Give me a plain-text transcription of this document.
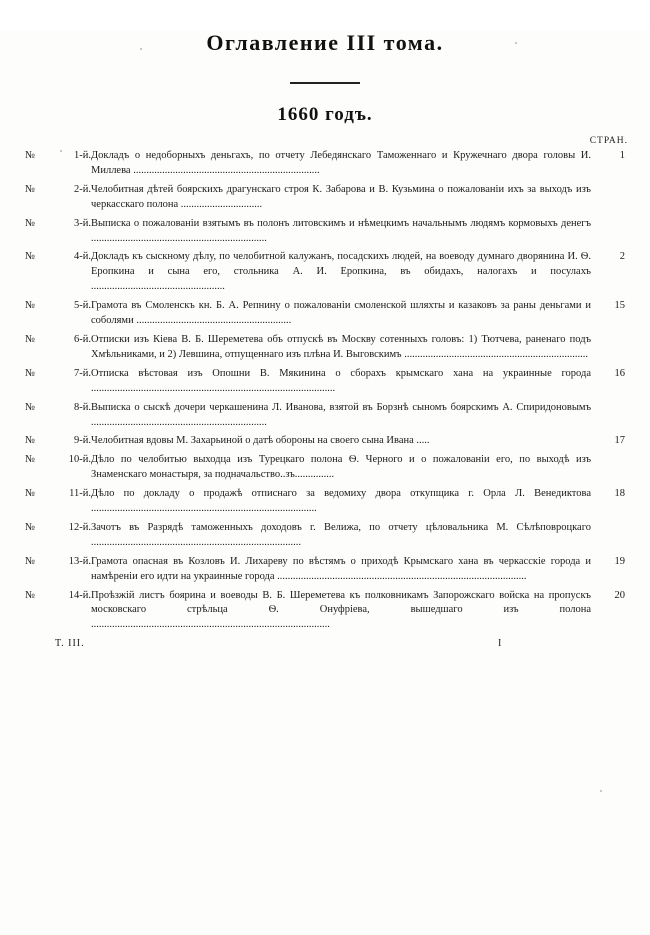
Оглавление III тома.
1660 годъ.
СТРАН.
№	1-й.	Докладъ о недоборныхъ деньгахъ, по отчету Лебедянскаго Таможеннаго и Кружечнаго двора головы И. Миллева .......................................................................	1
№	2-й.	Челобитная дѣтей боярскихъ драгунскаго строя К. Забарова и В. Кузьмина о пожалованіи ихъ за выходъ изъ черкасскаго полона ...............................	
№	3-й.	Выписка о пожалованіи взятымъ въ полонъ литовскимъ и нѣмецкимъ начальнымъ людямъ кормовыхъ денегъ ...................................................................	
№	4-й.	Докладъ къ сыскному дѣлу, по челобитной калужанъ, посадскихъ людей, на воеводу думнаго дворянина И. Ѳ. Еропкина и сына его, стольника А. И. Еропкина, въ обидахъ, налогахъ и посулахъ ...................................................	2
№	5-й.	Грамота въ Смоленскъ кн. Б. А. Репнину о пожалованіи смоленской шляхты и казаковъ за раны деньгами и соболями ...........................................................	15
№	6-й.	Отписки изъ Кіева В. Б. Шереметева объ отпускѣ въ Москву сотенныхъ головъ: 1) Тютчева, раненаго подъ Хмѣльниками, и 2) Левшина, отпущеннаго изъ плѣна И. Выговскимъ ......................................................................	
№	7-й.	Отписка вѣстовая изъ Опошни В. Мякинина о сборахъ крымскаго хана на украинные города .............................................................................................	16
№	8-й.	Выписка о сыскѣ дочери черкашенина Л. Иванова, взятой въ Борзнѣ сыномъ боярскимъ А. Спиридоновымъ ...................................................................	
№	9-й.	Челобитная вдовы М. Захарьиной о датѣ обороны на своего сына Ивана .....	17
№	10-й.	Дѣло по челобитью выходца изъ Турецкаго полона Ѳ. Черного и о пожалованіи его, по выходѣ изъ Знаменскаго монастыря, за подначальство..зъ...............	
№	11-й.	Дѣло по докладу о продажѣ отписнаго за ведомиху двора откупщика г. Орла Л. Венедиктова ......................................................................................	18
№	12-й.	Зачотъ въ Разрядѣ таможенныхъ доходовъ г. Велижа, по отчету цѣловальника М. Сѣлѣповроцкаго ................................................................................	
№	13-й.	Грамота опасная въ Козловъ И. Лихареву по вѣстямъ о приходѣ Крымскаго хана въ черкасскіе города и намѣреніи его идти на украинные города ...............................................................................................	19
№	14-й.	Проѣзжій листъ боярина и воеводы В. Б. Шереметева къ полковникамъ Запорожскаго войска на пропускъ московскаго стрѣльца Ѳ. Онуфріева, вышедшаго изъ полона ...........................................................................................	20
Т. III.	I
